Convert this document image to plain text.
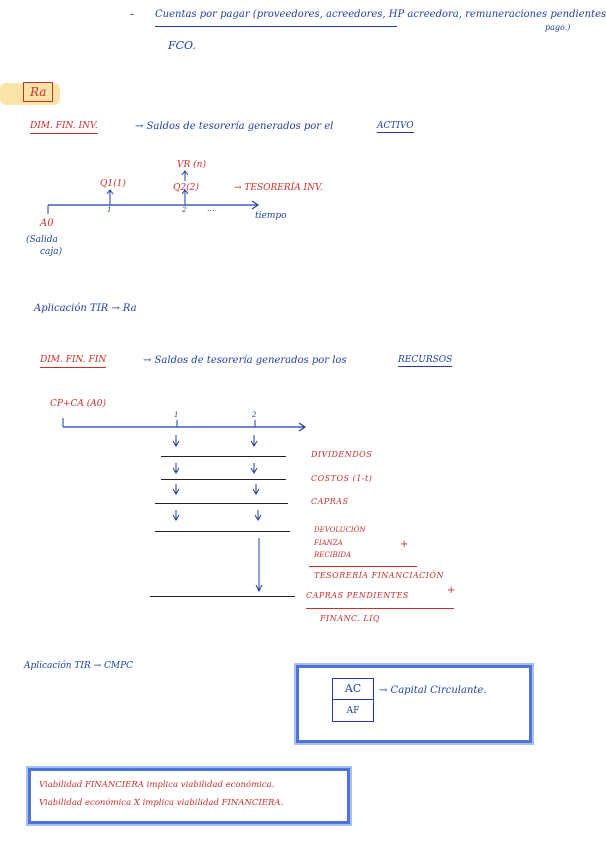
- Cuentas por pagar (proveedores, acreedores, HP acreedora, remuneraciones pendientes
pago.)
FCO.
Ra
DIM. FIN. INV.	→ Saldos de tesorería generados por el	ACTIVO
VR (n)
Q1(1)	Q2(2)	→ TESORERÍA INV.
1	2	...
tiempo
A0
(Salida
caja)
Aplicación TIR → Ra
DIM. FIN. FIN	→ Saldos de tesorería generados por los	RECURSOS
CP+CA (A0)
1	2
DIVIDENDOS
COSTOS (1-t)
CAPRAS
DEVOLUCIÓN
FIANZA
RECIBIDA
+
TESORERÍA FINANCIACIÓN
CAPRAS PENDIENTES	+
FINANC. LIQ
Aplicación TIR → CMPC
AC
AF
→ Capital Circulante.
Viabilidad FINANCIERA implica viabilidad económica.
Viabilidad económica X implica viabilidad FINANCIERA.
